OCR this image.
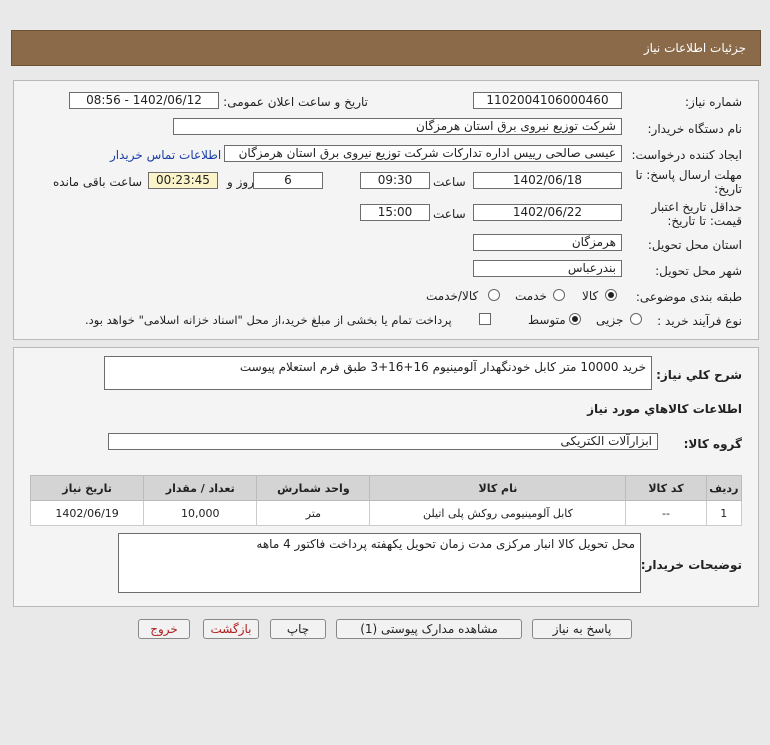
جزئیات اطلاعات نیاز
شماره نیاز:
1102004106000460
تاریخ و ساعت اعلان عمومی:
1402/06/12 - 08:56
نام دستگاه خریدار:
شرکت توزیع نیروی برق استان هرمزگان
ایجاد کننده درخواست:
عیسی صالحی رییس اداره تدارکات شرکت توزیع نیروی برق استان هرمزگان
اطلاعات تماس خریدار
مهلت ارسال پاسخ: تا
تاریخ:
1402/06/18
ساعت
09:30
6
روز و
00:23:45
ساعت باقی مانده
حداقل تاریخ اعتبار
قیمت: تا تاریخ:
1402/06/22
ساعت
15:00
استان محل تحویل:
هرمزگان
شهر محل تحویل:
بندرعباس
طبقه بندی موضوعی:
کالا
خدمت
کالا/خدمت
نوع فرآیند خرید :
جزیی
متوسط
پرداخت تمام یا بخشی از مبلغ خرید،از محل "اسناد خزانه اسلامی" خواهد بود.
شرح کلي نياز:
خرید 10000 متر کابل خودنگهدار آلومینیوم 16+16+3 طبق فرم استعلام پیوست
اطلاعات کالاهاي مورد نياز
گروه کالا:
ابزارآلات الکتریکی
ردیف	کد کالا	نام کالا	واحد شمارش	تعداد / مقدار	تاریخ نیاز
1	--	کابل آلومینیومی روکش پلی اتیلن	متر	10,000	1402/06/19
توضیحات خریدار:
محل تحویل کالا انبار مرکزی مدت زمان تحویل یکهفته پرداخت فاکتور 4 ماهه
پاسخ به نیاز
مشاهده مدارک پیوستی (1)
چاپ
بازگشت
خروج
